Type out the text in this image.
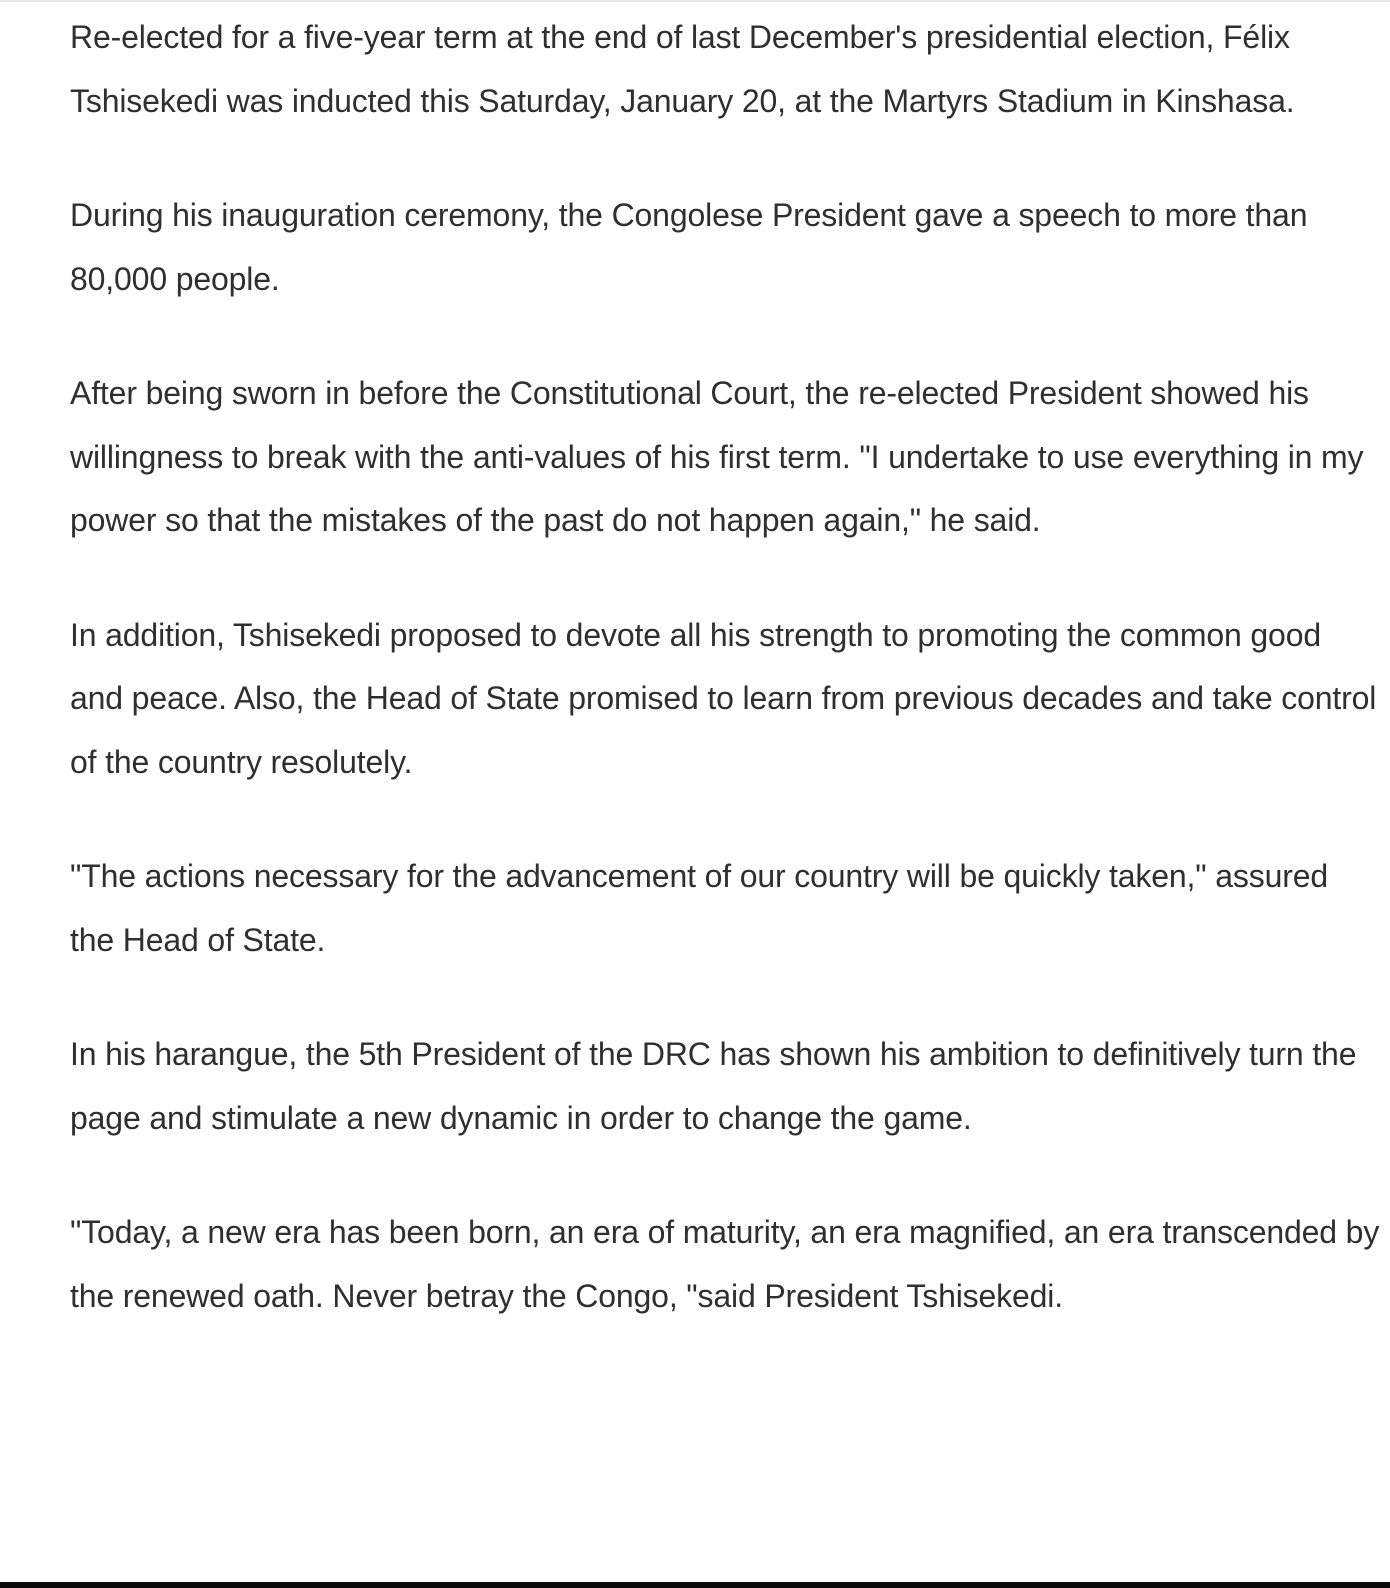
Re-elected for a five-year term at the end of last December's presidential election, Félix Tshisekedi was inducted this Saturday, January 20, at the Martyrs Stadium in Kinshasa.

During his inauguration ceremony, the Congolese President gave a speech to more than 80,000 people.

After being sworn in before the Constitutional Court, the re-elected President showed his willingness to break with the anti-values of his first term. "I undertake to use everything in my power so that the mistakes of the past do not happen again," he said.

In addition, Tshisekedi proposed to devote all his strength to promoting the common good and peace. Also, the Head of State promised to learn from previous decades and take control of the country resolutely.

"The actions necessary for the advancement of our country will be quickly taken," assured the Head of State.

In his harangue, the 5th President of the DRC has shown his ambition to definitively turn the page and stimulate a new dynamic in order to change the game.

"Today, a new era has been born, an era of maturity, an era magnified, an era transcended by the renewed oath. Never betray the Congo, "said President Tshisekedi.
